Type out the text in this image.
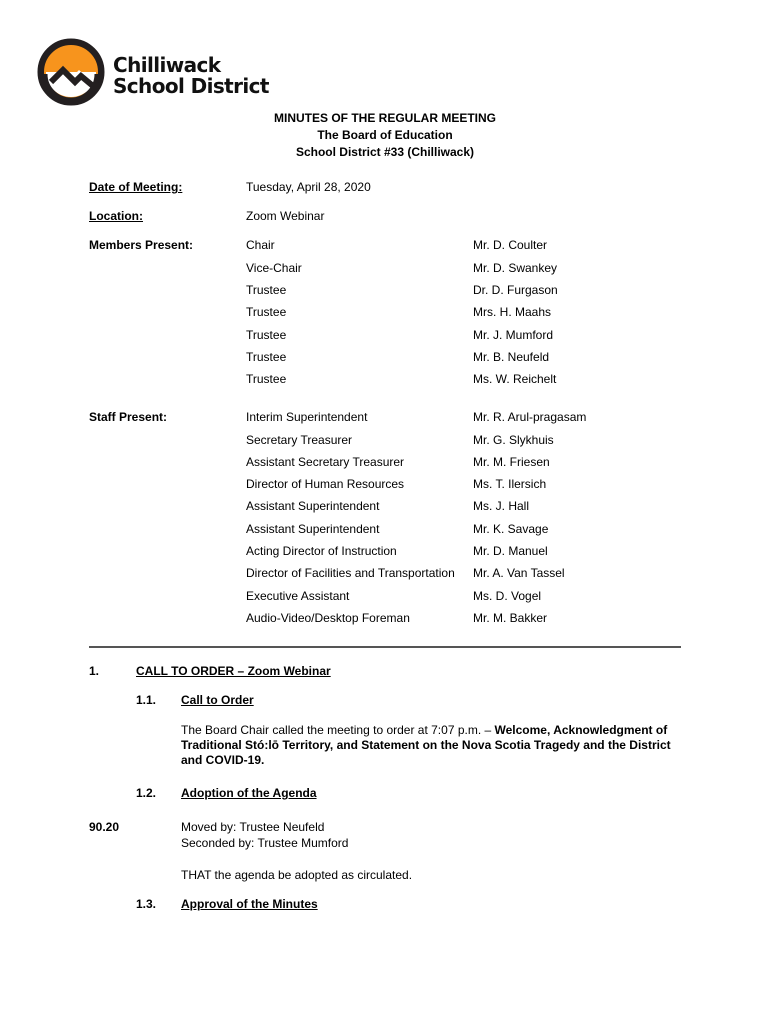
Chilliwack
School District
MINUTES OF THE REGULAR MEETING
The Board of Education
School District #33 (Chilliwack)
Date of Meeting:	Tuesday, April 28, 2020
Location:	Zoom Webinar
Members Present:	Chair	Mr. D. Coulter
Vice-Chair	Mr. D. Swankey
Trustee	Dr. D. Furgason
Trustee	Mrs. H. Maahs
Trustee	Mr. J. Mumford
Trustee	Mr. B. Neufeld
Trustee	Ms. W. Reichelt
Staff Present:	Interim Superintendent	Mr. R. Arul-pragasam
Secretary Treasurer	Mr. G. Slykhuis
Assistant Secretary Treasurer	Mr. M. Friesen
Director of Human Resources	Ms. T. Ilersich
Assistant Superintendent	Ms. J. Hall
Assistant Superintendent	Mr. K. Savage
Acting Director of Instruction	Mr. D. Manuel
Director of Facilities and Transportation Mr. A. Van Tassel
Executive Assistant	Ms. D. Vogel
Audio-Video/Desktop Foreman	Mr. M. Bakker
1.	CALL TO ORDER – Zoom Webinar
1.1. Call to Order
The Board Chair called the meeting to order at 7:07 p.m. – Welcome, Acknowledgment of Traditional Stó:lō Territory, and Statement on the Nova Scotia Tragedy and the District and COVID-19.
1.2. Adoption of the Agenda
90.20	Moved by: Trustee Neufeld
Seconded by: Trustee Mumford
THAT the agenda be adopted as circulated.
1.3. Approval of the Minutes
